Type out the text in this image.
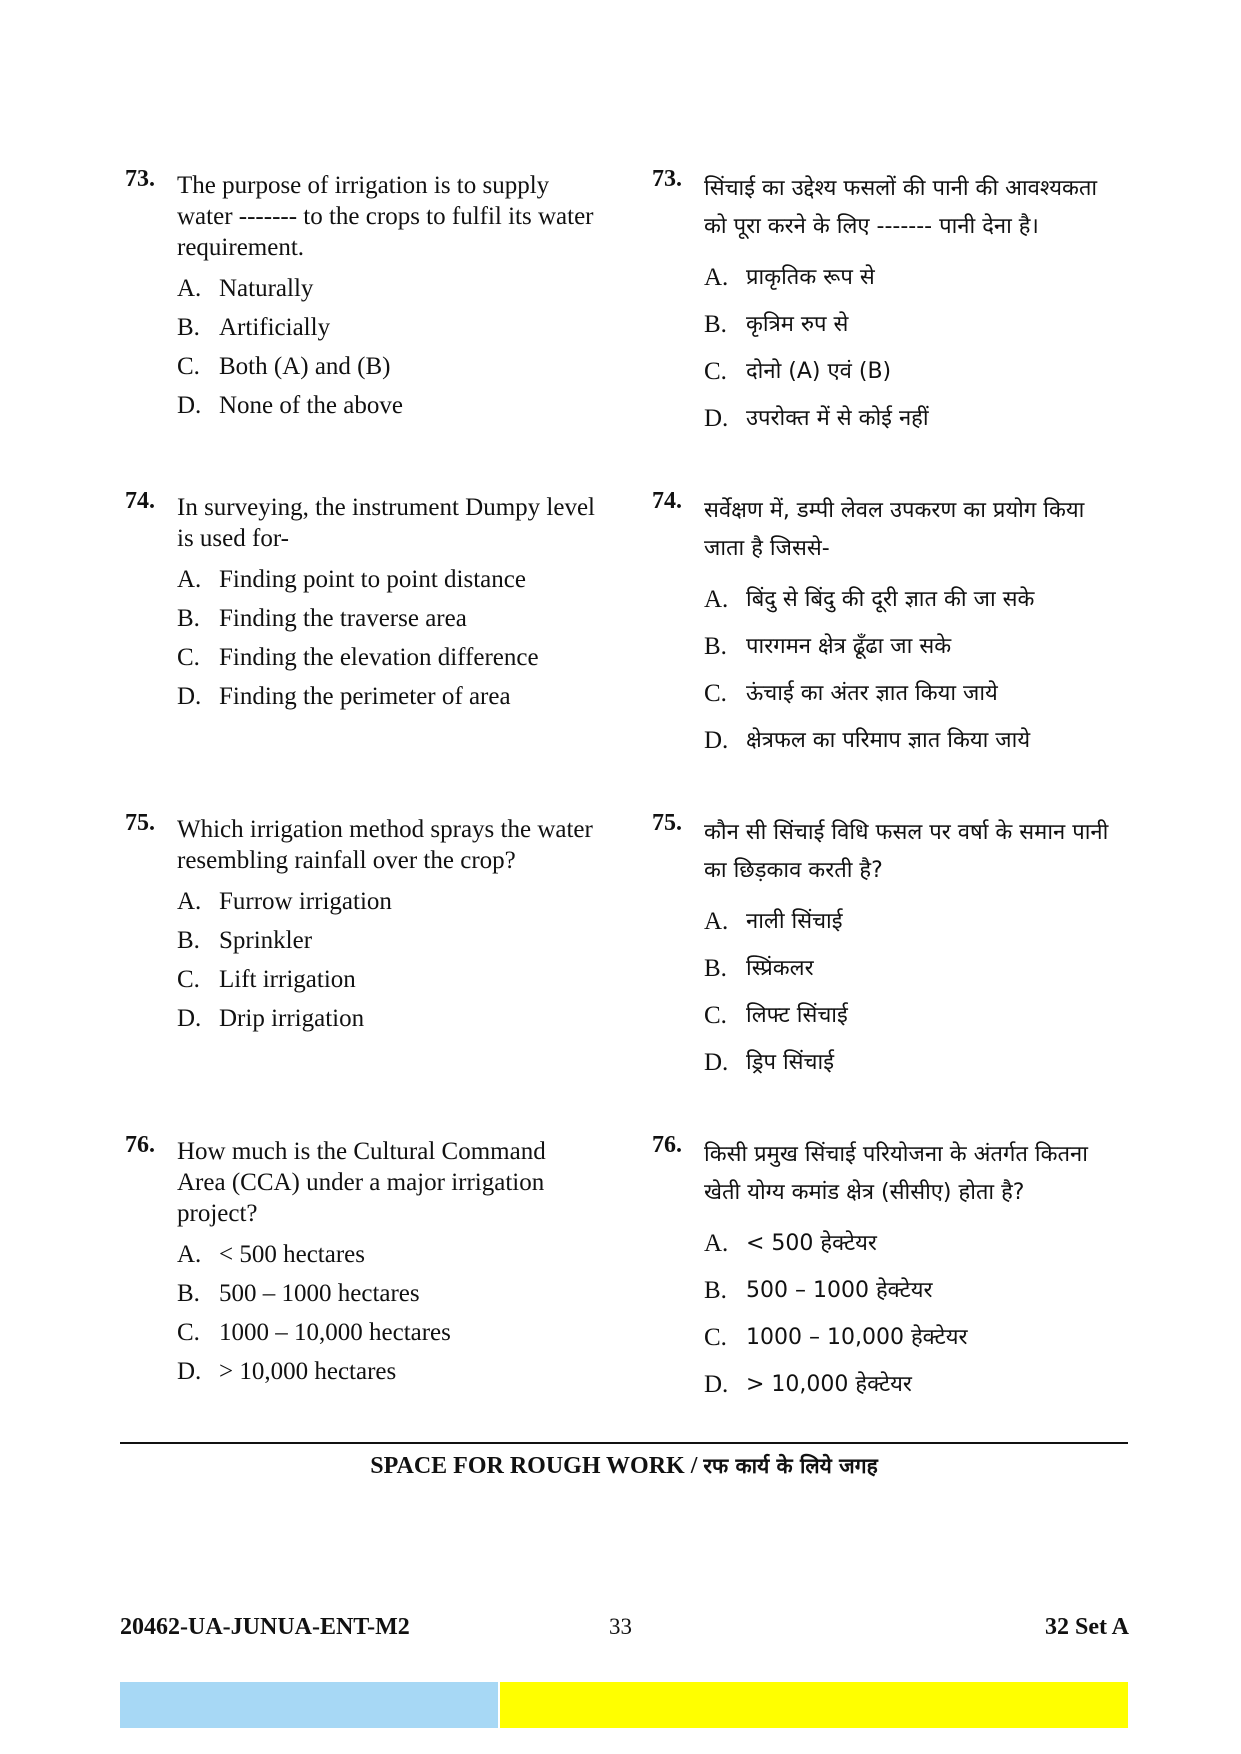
73. The purpose of irrigation is to supply water ------- to the crops to fulfil its water requirement.

A. Naturally
B. Artificially
C. Both (A) and (B)
D. None of the above
74. In surveying, the instrument Dumpy level is used for-

A. Finding point to point distance
B. Finding the traverse area
C. Finding the elevation difference
D. Finding the perimeter of area
75. Which irrigation method sprays the water resembling rainfall over the crop?

A. Furrow irrigation
B. Sprinkler
C. Lift irrigation
D. Drip irrigation
76. How much is the Cultural Command Area (CCA) under a major irrigation project?

A. < 500 hectares
B. 500 – 1000 hectares
C. 1000 – 10,000 hectares
D. > 10,000 hectares
73. सिंचाई का उद्देश्य फसलों की पानी की आवश्यकता को पूरा करने के लिए ------- पानी देना है।

A. प्राकृतिक रूप से
B. कृत्रिम रुप से
C. दोनो (A) एवं (B)
D. उपरोक्त में से कोई नहीं
74. सर्वेक्षण में, डम्पी लेवल उपकरण का प्रयोग किया जाता है जिससे-

A. बिंदु से बिंदु की दूरी ज्ञात की जा सके
B. पारगमन क्षेत्र ढूँढा जा सके
C. ऊंचाई का अंतर ज्ञात किया जाये
D. क्षेत्रफल का परिमाप ज्ञात किया जाये
75. कौन सी सिंचाई विधि फसल पर वर्षा के समान पानी का छिड़काव करती है?

A. नाली सिंचाई
B. स्प्रिंकलर
C. लिफ्ट सिंचाई
D. ड्रिप सिंचाई
76. किसी प्रमुख सिंचाई परियोजना के अंतर्गत कितना खेती योग्य कमांड क्षेत्र (सीसीए) होता है?

A. < 500 हेक्टेयर
B. 500 – 1000 हेक्टेयर
C. 1000 – 10,000 हेक्टेयर
D. > 10,000 हेक्टेयर
SPACE FOR ROUGH WORK / रफ कार्य के लिये जगह
20462-UA-JUNUA-ENT-M2	33	32 Set A
